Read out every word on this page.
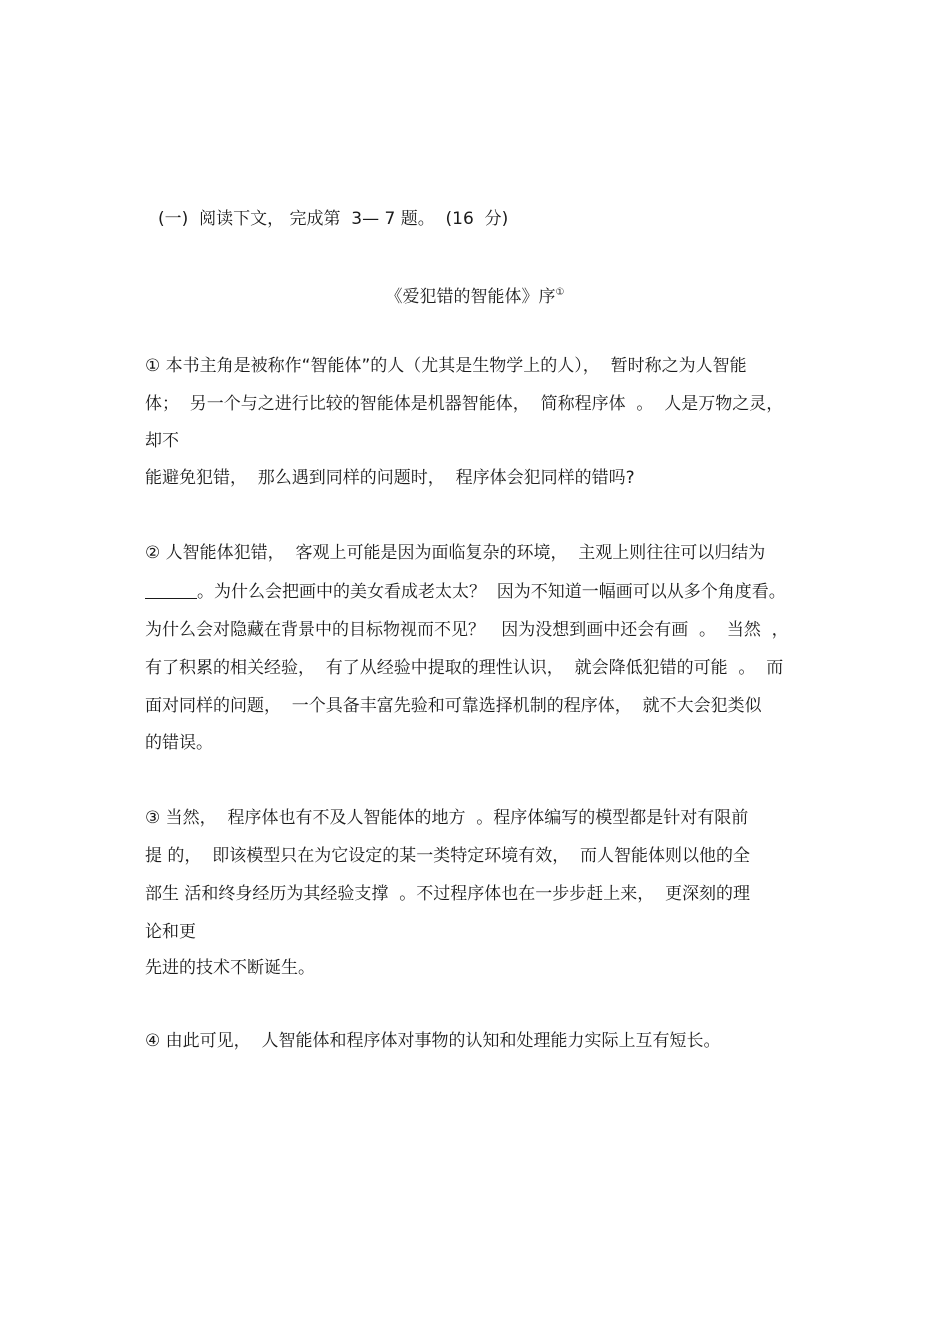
(一)  阅读下文， 完成第  3— 7 题。  (16  分)

《爱犯错的智能体》序①

① 本书主角是被称作“智能体”的人（尤其是生物学上的人），  暂时称之为人智能

体；  另一个与之进行比较的智能体是机器智能体，  简称程序体  。  人是万物之灵，

却不

能避免犯错，  那么遇到同样的问题时，  程序体会犯同样的错吗?

② 人智能体犯错，  客观上可能是因为面临复杂的环境，  主观上则往往可以归结为

。为什么会把画中的美女看成老太太？  因为不知道一幅画可以从多个角度看。

为什么会对隐藏在背景中的目标物视而不见？   因为没想到画中还会有画  。  当然  ，

有了积累的相关经验，  有了从经验中提取的理性认识，  就会降低犯错的可能  。  而

面对同样的问题，  一个具备丰富先验和可靠选择机制的程序体，  就不大会犯类似

的错误。

③ 当然，  程序体也有不及人智能体的地方  。程序体编写的模型都是针对有限前

提 的，  即该模型只在为它设定的某一类特定环境有效，  而人智能体则以他的全

部生 活和终身经历为其经验支撑  。不过程序体也在一步步赶上来，  更深刻的理

论和更

先进的技术不断诞生。

④ 由此可见，  人智能体和程序体对事物的认知和处理能力实际上互有短长。
